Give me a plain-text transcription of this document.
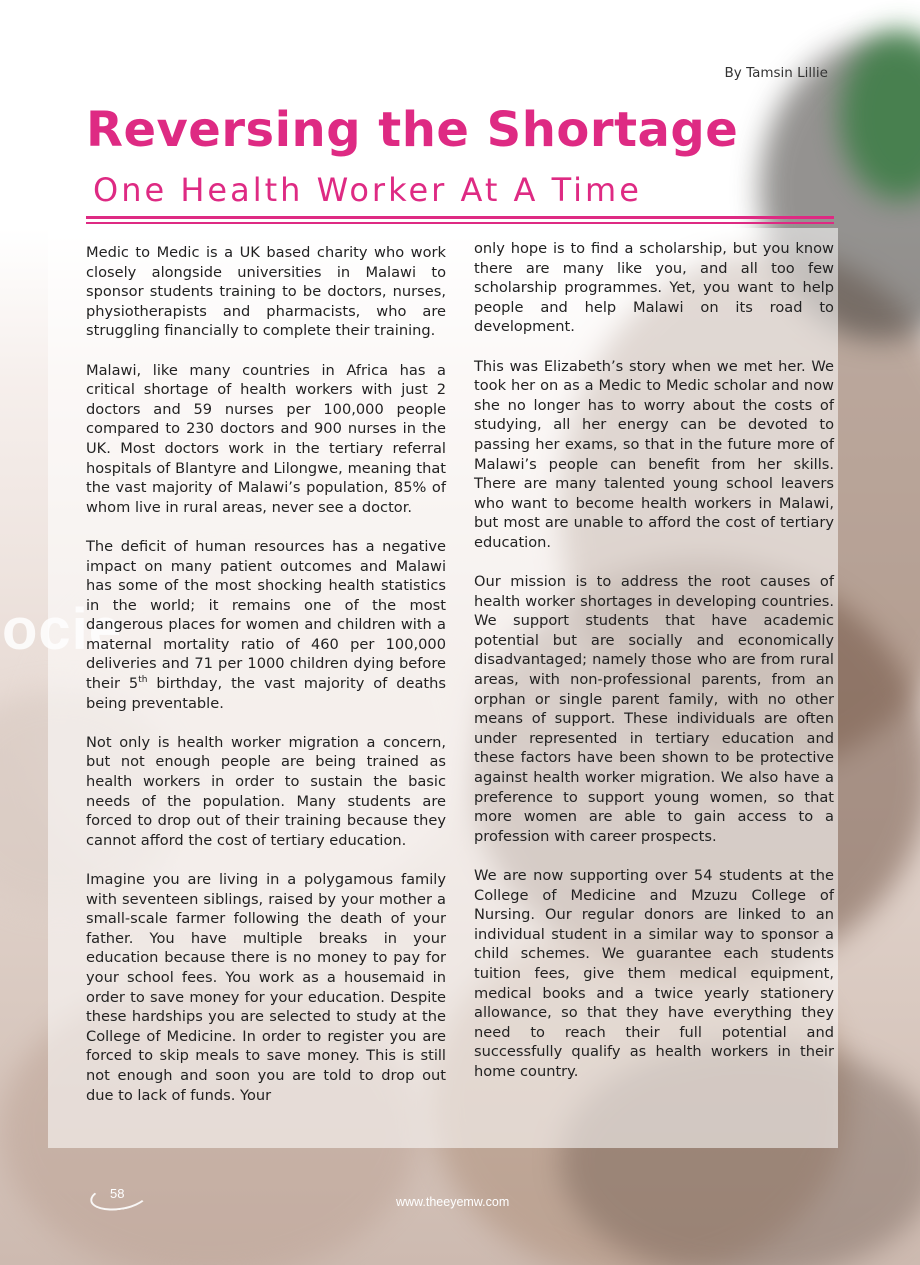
ocie
By Tamsin Lillie
Reversing the Shortage
One Health Worker At A Time

Medic to Medic is a UK based charity who work closely alongside universities in Malawi to sponsor students training to be doctors, nurses, physiotherapists and pharmacists, who are struggling financially to complete their training.

Malawi, like many countries in Africa has a critical shortage of health workers with just 2 doctors and 59 nurses per 100,000 people compared to 230 doctors and 900 nurses in the UK. Most doctors work in the tertiary referral hospitals of Blantyre and Lilongwe, meaning that the vast majority of Malawi’s population, 85% of whom live in rural areas, never see a doctor.

The deficit of human resources has a negative impact on many patient outcomes and Malawi has some of the most shocking health statistics in the world; it remains one of the most dangerous places for women and children with a maternal mortality ratio of 460 per 100,000 deliveries and 71 per 1000 children dying before their 5th birthday, the vast majority of deaths being preventable.

Not only is health worker migration a concern, but not enough people are being trained as health workers in order to sustain the basic needs of the population. Many students are forced to drop out of their training because they cannot afford the cost of tertiary education.

Imagine you are living in a polygamous family with seventeen siblings, raised by your mother a small-scale farmer following the death of your father. You have multiple breaks in your education because there is no money to pay for your school fees. You work as a housemaid in order to save money for your education. Despite these hardships you are selected to study at the College of Medicine. In order to register you are forced to skip meals to save money. This is still not enough and soon you are told to drop out due to lack of funds. Your

only hope is to find a scholarship, but you know there are many like you, and all too few scholarship programmes. Yet, you want to help people and help Malawi on its road to development.

This was Elizabeth’s story when we met her. We took her on as a Medic to Medic scholar and now she no longer has to worry about the costs of studying, all her energy can be devoted to passing her exams, so that in the future more of Malawi’s people can benefit from her skills. There are many talented young school leavers who want to become health workers in Malawi, but most are unable to afford the cost of tertiary education.

Our mission is to address the root causes of health worker shortages in developing countries. We support students that have academic potential but are socially and economically disadvantaged; namely those who are from rural areas, with non-professional parents, from an orphan or single parent family, with no other means of support. These individuals are often under represented in tertiary education and these factors have been shown to be protective against health worker migration. We also have a preference to support young women, so that more women are able to gain access to a profession with career prospects.

We are now supporting over 54 students at the College of Medicine and Mzuzu College of Nursing. Our regular donors are linked to an individual student in a similar way to sponsor a child schemes. We guarantee each students tuition fees, give them medical equipment, medical books and a twice yearly stationery allowance, so that they have everything they need to reach their full potential and successfully qualify as health workers in their home country.

58
www.theeyemw.com
